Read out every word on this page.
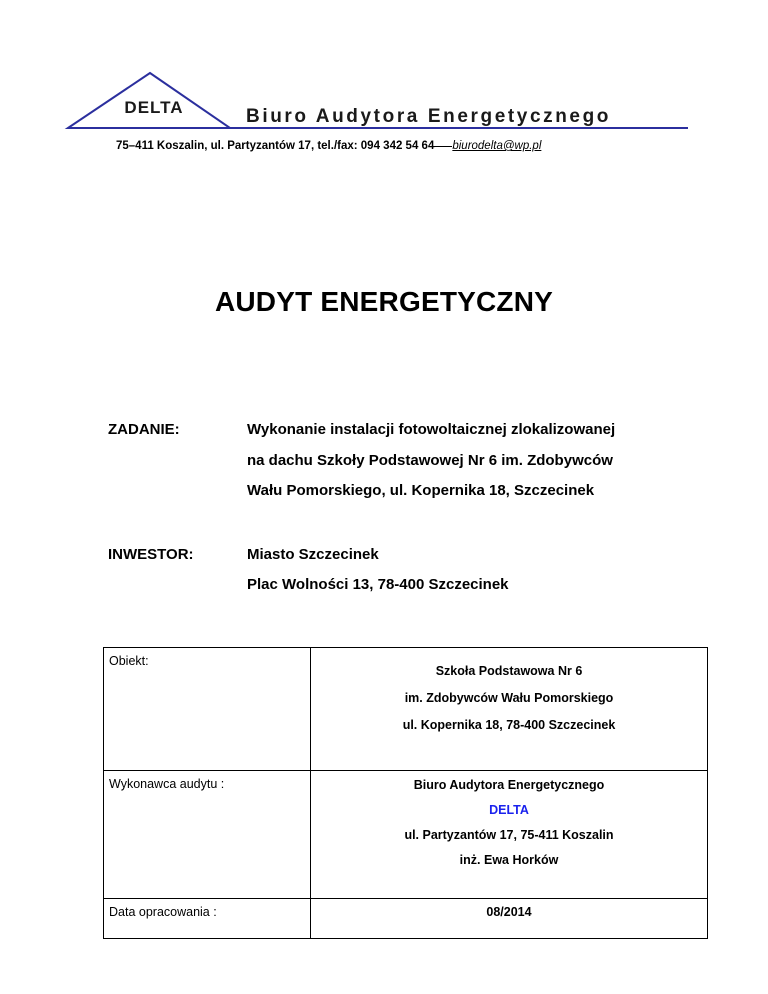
DELTA	Biuro Audytora Energetycznego
75–411 Koszalin, ul. Partyzantów 17, tel./fax: 094 342 54 64 biurodelta@wp.pl
AUDYT ENERGETYCZNY
ZADANIE:	Wykonanie instalacji fotowoltaicznej zlokalizowanej
na dachu Szkoły Podstawowej Nr 6 im. Zdobywców
Wału Pomorskiego, ul. Kopernika 18, Szczecinek
INWESTOR:	Miasto Szczecinek
Plac Wolności 13, 78-400 Szczecinek
Obiekt:	Szkoła Podstawowa Nr 6
im. Zdobywców Wału Pomorskiego
ul. Kopernika 18, 78-400 Szczecinek

Wykonawca audytu :	Biuro Audytora Energetycznego
DELTA
ul. Partyzantów 17, 75-411 Koszalin
inż. Ewa Horków

Data opracowania :	08/2014
